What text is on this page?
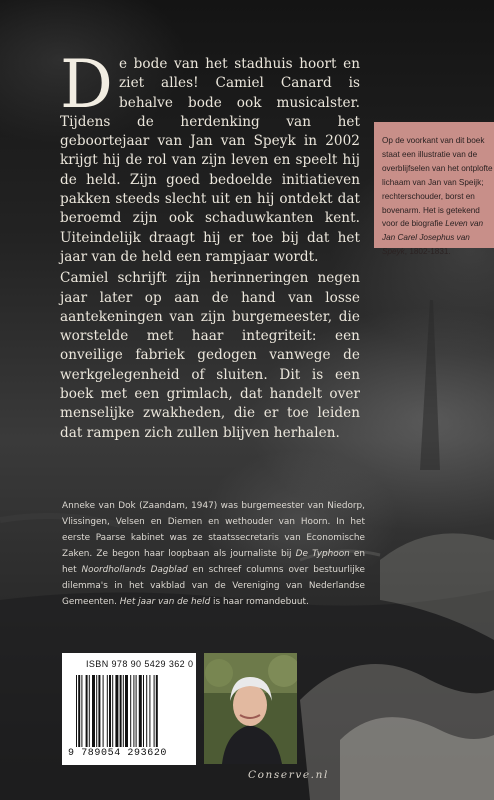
D e bode van het stadhuis hoort en ziet alles! Camiel Canard is behalve bode ook musicalster. Tijdens de herdenking van het geboortejaar van Jan van Speyk in 2002 krijgt hij de rol van zijn leven en speelt hij de held. Zijn goed bedoelde initiatieven pakken steeds slecht uit en hij ontdekt dat beroemd zijn ook schaduwkanten kent. Uiteindelijk draagt hij er toe bij dat het jaar van de held een rampjaar wordt.

Camiel schrijft zijn herinneringen negen jaar later op aan de hand van losse aantekeningen van zijn burgemeester, die worstelde met haar integriteit: een onveilige fabriek gedogen vanwege de werkgelegenheid of sluiten. Dit is een boek met een grimlach, dat handelt over menselijke zwakheden, die er toe leiden dat rampen zich zullen blijven herhalen.

Op de voorkant van dit boek staat een illustratie van de overblijfselen van het ontplofte lichaam van Jan van Speijk; rechterschouder, borst en bovenarm. Het is getekend voor de biografie Leven van Jan Carel Josephus van Speyk, 1802-1831.
Anneke van Dok (Zaandam, 1947) was burgemeester van Niedorp, Vlissingen, Velsen en Diemen en wethouder van Hoorn. In het eerste Paarse kabinet was ze staatssecretaris van Economische Zaken. Ze begon haar loopbaan als journaliste bij De Typhoon en het Noordhollands Dagblad en schreef columns over bestuurlijke dilemma's in het vakblad van de Vereniging van Nederlandse Gemeenten. Het jaar van de held is haar romandebuut.
ISBN 978 90 5429 362 0
9 789054 293620
Conserve.nl
